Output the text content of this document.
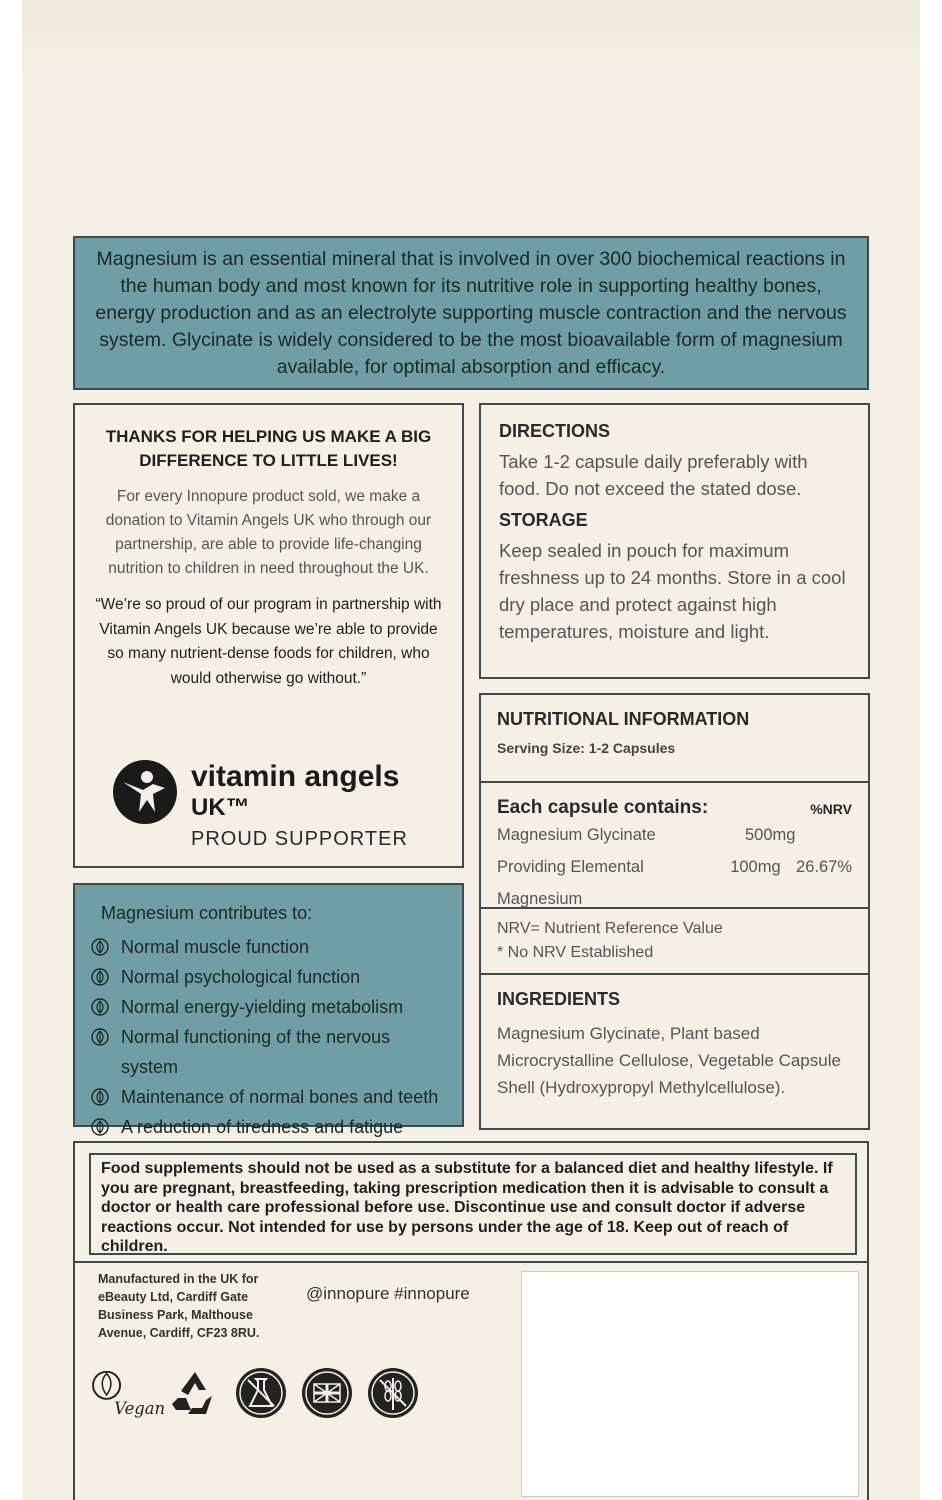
Magnesium is an essential mineral that is involved in over 300 biochemical reactions in the human body and most known for its nutritive role in supporting healthy bones, energy production and as an electrolyte supporting muscle contraction and the nervous system. Glycinate is widely considered to be the most bioavailable form of magnesium available, for optimal absorption and efficacy.
THANKS FOR HELPING US MAKE A BIG DIFFERENCE TO LITTLE LIVES!

For every Innopure product sold, we make a donation to Vitamin Angels UK who through our partnership, are able to provide life-changing nutrition to children in need throughout the UK.

“We’re so proud of our program in partnership with Vitamin Angels UK because we’re able to provide so many nutrient-dense foods for children, who would otherwise go without.”

vitamin angels
UK™
PROUD SUPPORTER
Magnesium contributes to:
Normal muscle function
Normal psychological function
Normal energy-yielding metabolism
Normal functioning of the nervous system
Maintenance of normal bones and teeth
A reduction of tiredness and fatigue
DIRECTIONS
Take 1-2 capsule daily preferably with food. Do not exceed the stated dose.
STORAGE
Keep sealed in pouch for maximum freshness up to 24 months. Store in a cool dry place and protect against high temperatures, moisture and light.
NUTRITIONAL INFORMATION
Serving Size: 1-2 Capsules
Each capsule contains:	%NRV
Magnesium Glycinate	500mg
Providing Elemental Magnesium
100mg 26.67%
NRV= Nutrient Reference Value
* No NRV Established
INGREDIENTS
Magnesium Glycinate, Plant based Microcrystalline Cellulose, Vegetable Capsule Shell (Hydroxypropyl Methylcellulose).
Food supplements should not be used as a substitute for a balanced diet and healthy lifestyle. If you are pregnant, breastfeeding, taking prescription medication then it is advisable to consult a doctor or health care professional before use. Discontinue use and consult doctor if adverse reactions occur. Not intended for use by persons under the age of 18. Keep out of reach of children.
Manufactured in the UK for eBeauty Ltd, Cardiff Gate Business Park, Malthouse Avenue, Cardiff, CF23 8RU.
@innopure #innopure
Vegan
